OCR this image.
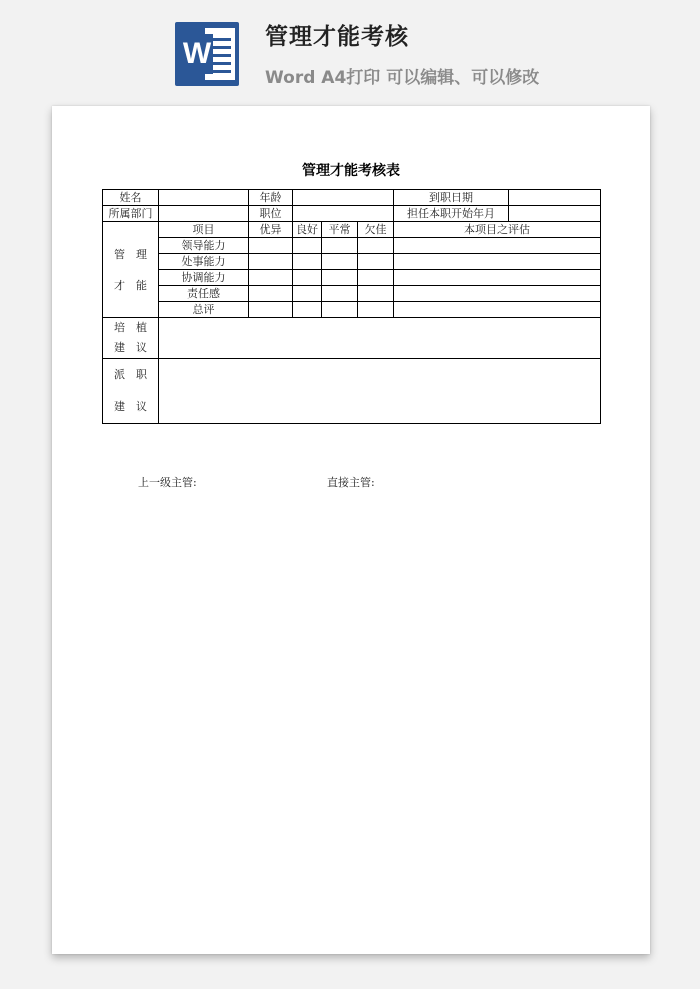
W 管理才能考核
Word A4打印 可以编辑、可以修改
管理才能考核表
姓名		年龄				到职日期	
所属部门		职位				担任本职开始年月	

管　理
才　能	项目	优异	良好	平常	欠佳	本项目之评估	
	领导能力						
	处事能力						
	协调能力						
	责任感						
	总评						

培　植
建　议							

派　职
建　议							

上一级主管:	直接主管:
